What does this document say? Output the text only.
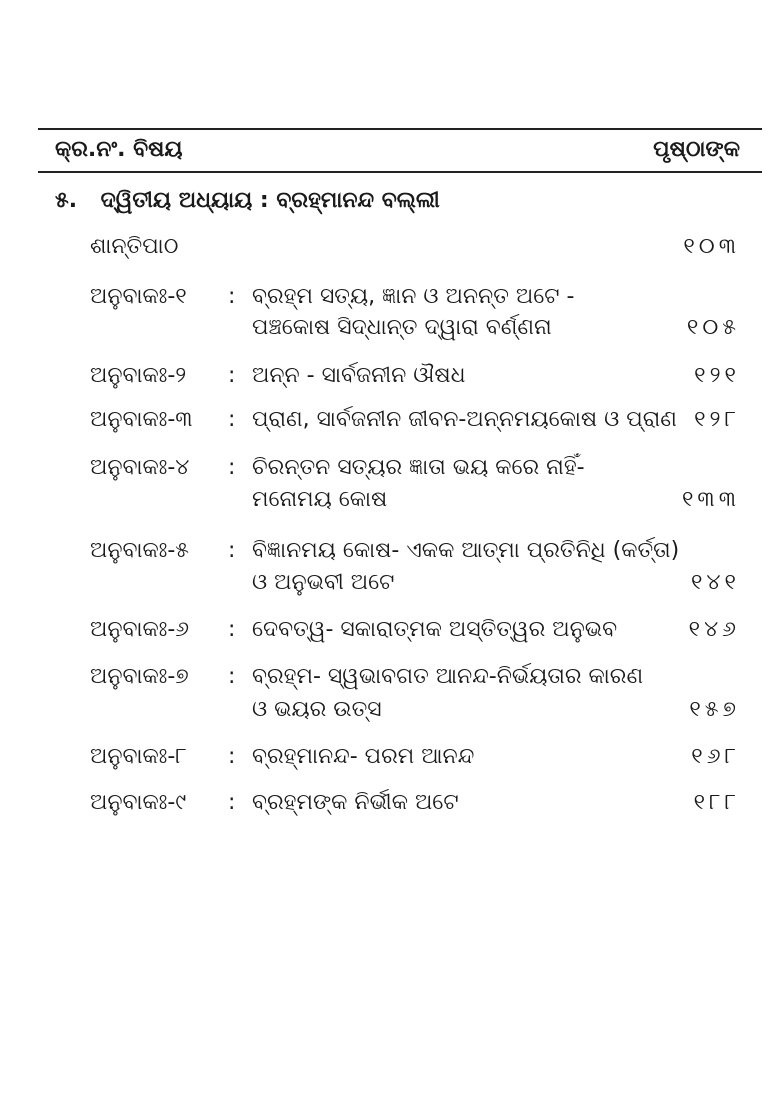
କ୍ର.ନଂ. ବିଷୟ	ପୃଷ୍ଠାଙ୍କ
୫. ଦ୍ୱିତୀୟ ଅଧ୍ୟାୟ : ବ୍ରହ୍ମାନନ୍ଦ ବଲ୍ଲୀ
ଶାନ୍ତିପାଠ	୧୦୩
ଅନୁବାକଃ-୧ : ବ୍ରହ୍ମ ସତ୍ୟ, ଜ୍ଞାନ ଓ ଅନନ୍ତ ଅଟେ -
ପଞ୍ଚକୋଷ ସିଦ୍ଧାନ୍ତ ଦ୍ୱାରା ବର୍ଣ୍ଣନା	୧୦୫
ଅନୁବାକଃ-୨ : ଅନ୍ନ - ସାର୍ବଜନୀନ ଔଷଧ	୧୨୧
ଅନୁବାକଃ-୩ : ପ୍ରାଣ, ସାର୍ବଜନୀନ ଜୀବନ-ଅନ୍ନମୟକୋଷ ଓ ପ୍ରାଣ ୧୨୮
ଅନୁବାକଃ-୪ : ଚିରନ୍ତନ ସତ୍ୟର ଜ୍ଞାତା ଭୟ କରେ ନାହିଁ-
ମନୋମୟ କୋଷ	୧୩୩
ଅନୁବାକଃ-୫ : ବିଜ୍ଞାନମୟ କୋଷ- ଏକକ ଆତ୍ମା ପ୍ରତିନିଧି (କର୍ତ୍ତା)
ଓ ଅନୁଭବୀ ଅଟେ	୧୪୧
ଅନୁବାକଃ-୬ : ଦେବତ୍ୱ- ସକାରାତ୍ମକ ଅସ୍ତିତ୍ୱର ଅନୁଭବ	୧୪୬
ଅନୁବାକଃ-୭ : ବ୍ରହ୍ମ- ସ୍ୱଭାବଗତ ଆନନ୍ଦ-ନିର୍ଭୟତାର କାରଣ
ଓ ଭୟର ଉତ୍ସ	୧୫୭
ଅନୁବାକଃ-୮ : ବ୍ରହ୍ମାନନ୍ଦ- ପରମ ଆନନ୍ଦ	୧୬୮
ଅନୁବାକଃ-୯ : ବ୍ରହ୍ମଙ୍କ ନିର୍ଭୀକ ଅଟେ	୧୮୮
